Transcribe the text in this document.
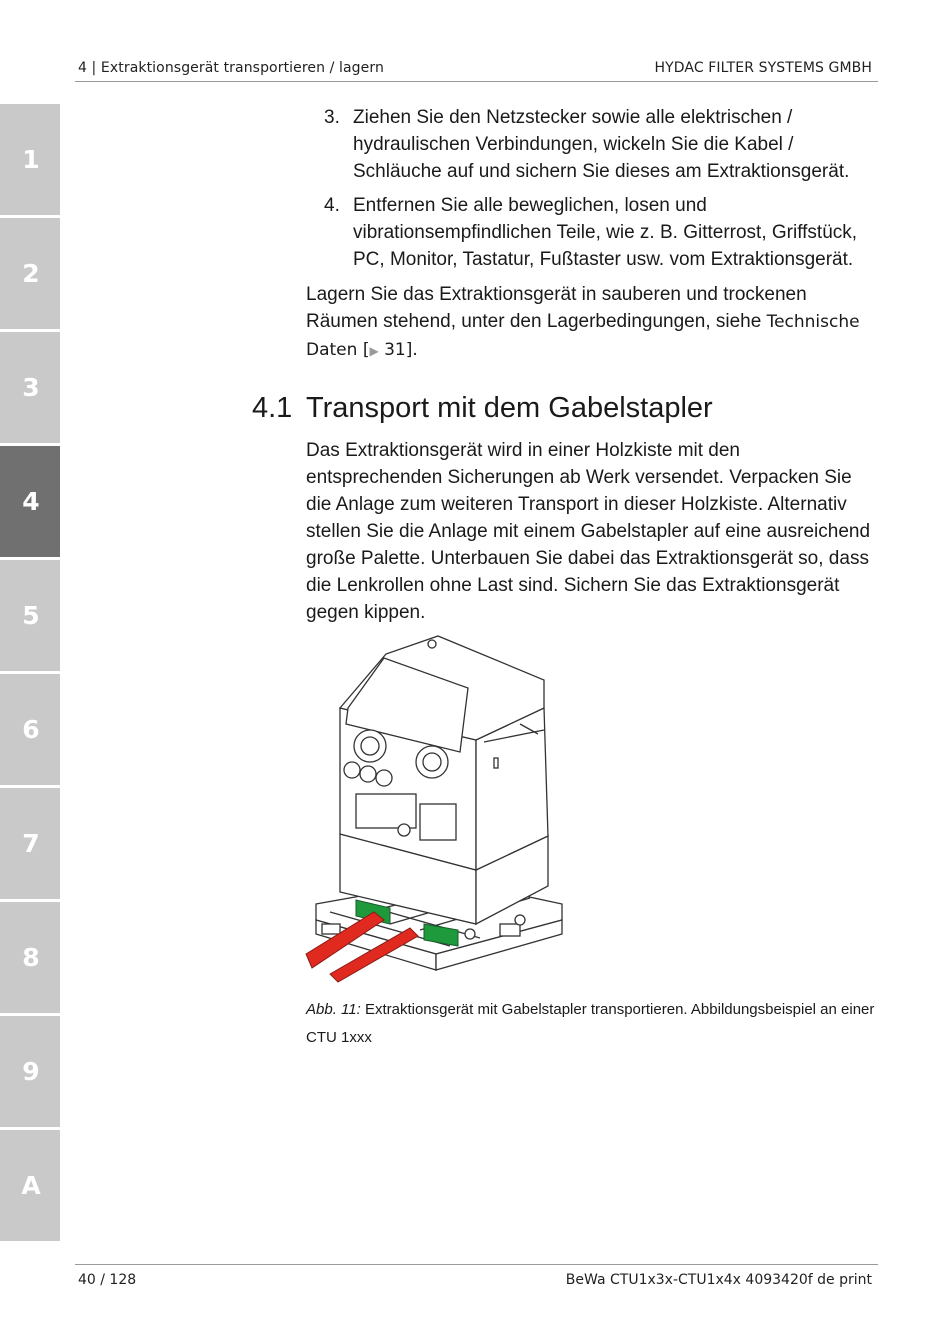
4 | Extraktionsgerät transportieren / lagern	HYDAC FILTER SYSTEMS GMBH
1
2
3
4
5
6
7
8
9
A
3. Ziehen Sie den Netzstecker sowie alle elektrischen / hydraulischen Verbindungen, wickeln Sie die Kabel / Schläuche auf und sichern Sie dieses am Extraktionsgerät.
4. Entfernen Sie alle beweglichen, losen und vibrationsempfindlichen Teile, wie z. B. Gitterrost, Griffstück, PC, Monitor, Tastatur, Fußtaster usw. vom Extraktionsgerät.
Lagern Sie das Extraktionsgerät in sauberen und trockenen Räumen stehend, unter den Lagerbedingungen, siehe Technische Daten [▶ 31].
4.1 Transport mit dem Gabelstapler
Das Extraktionsgerät wird in einer Holzkiste mit den entsprechenden Sicherungen ab Werk versendet. Verpacken Sie die Anlage zum weiteren Transport in dieser Holzkiste. Alternativ stellen Sie die Anlage mit einem Gabelstapler auf eine ausreichend große Palette. Unterbauen Sie dabei das Extraktionsgerät so, dass die Lenkrollen ohne Last sind. Sichern Sie das Extraktionsgerät gegen kippen.
Abb. 11: Extraktionsgerät mit Gabelstapler transportieren. Abbildungsbeispiel an einer CTU 1xxx
40 / 128	BeWa CTU1x3x-CTU1x4x 4093420f de print
